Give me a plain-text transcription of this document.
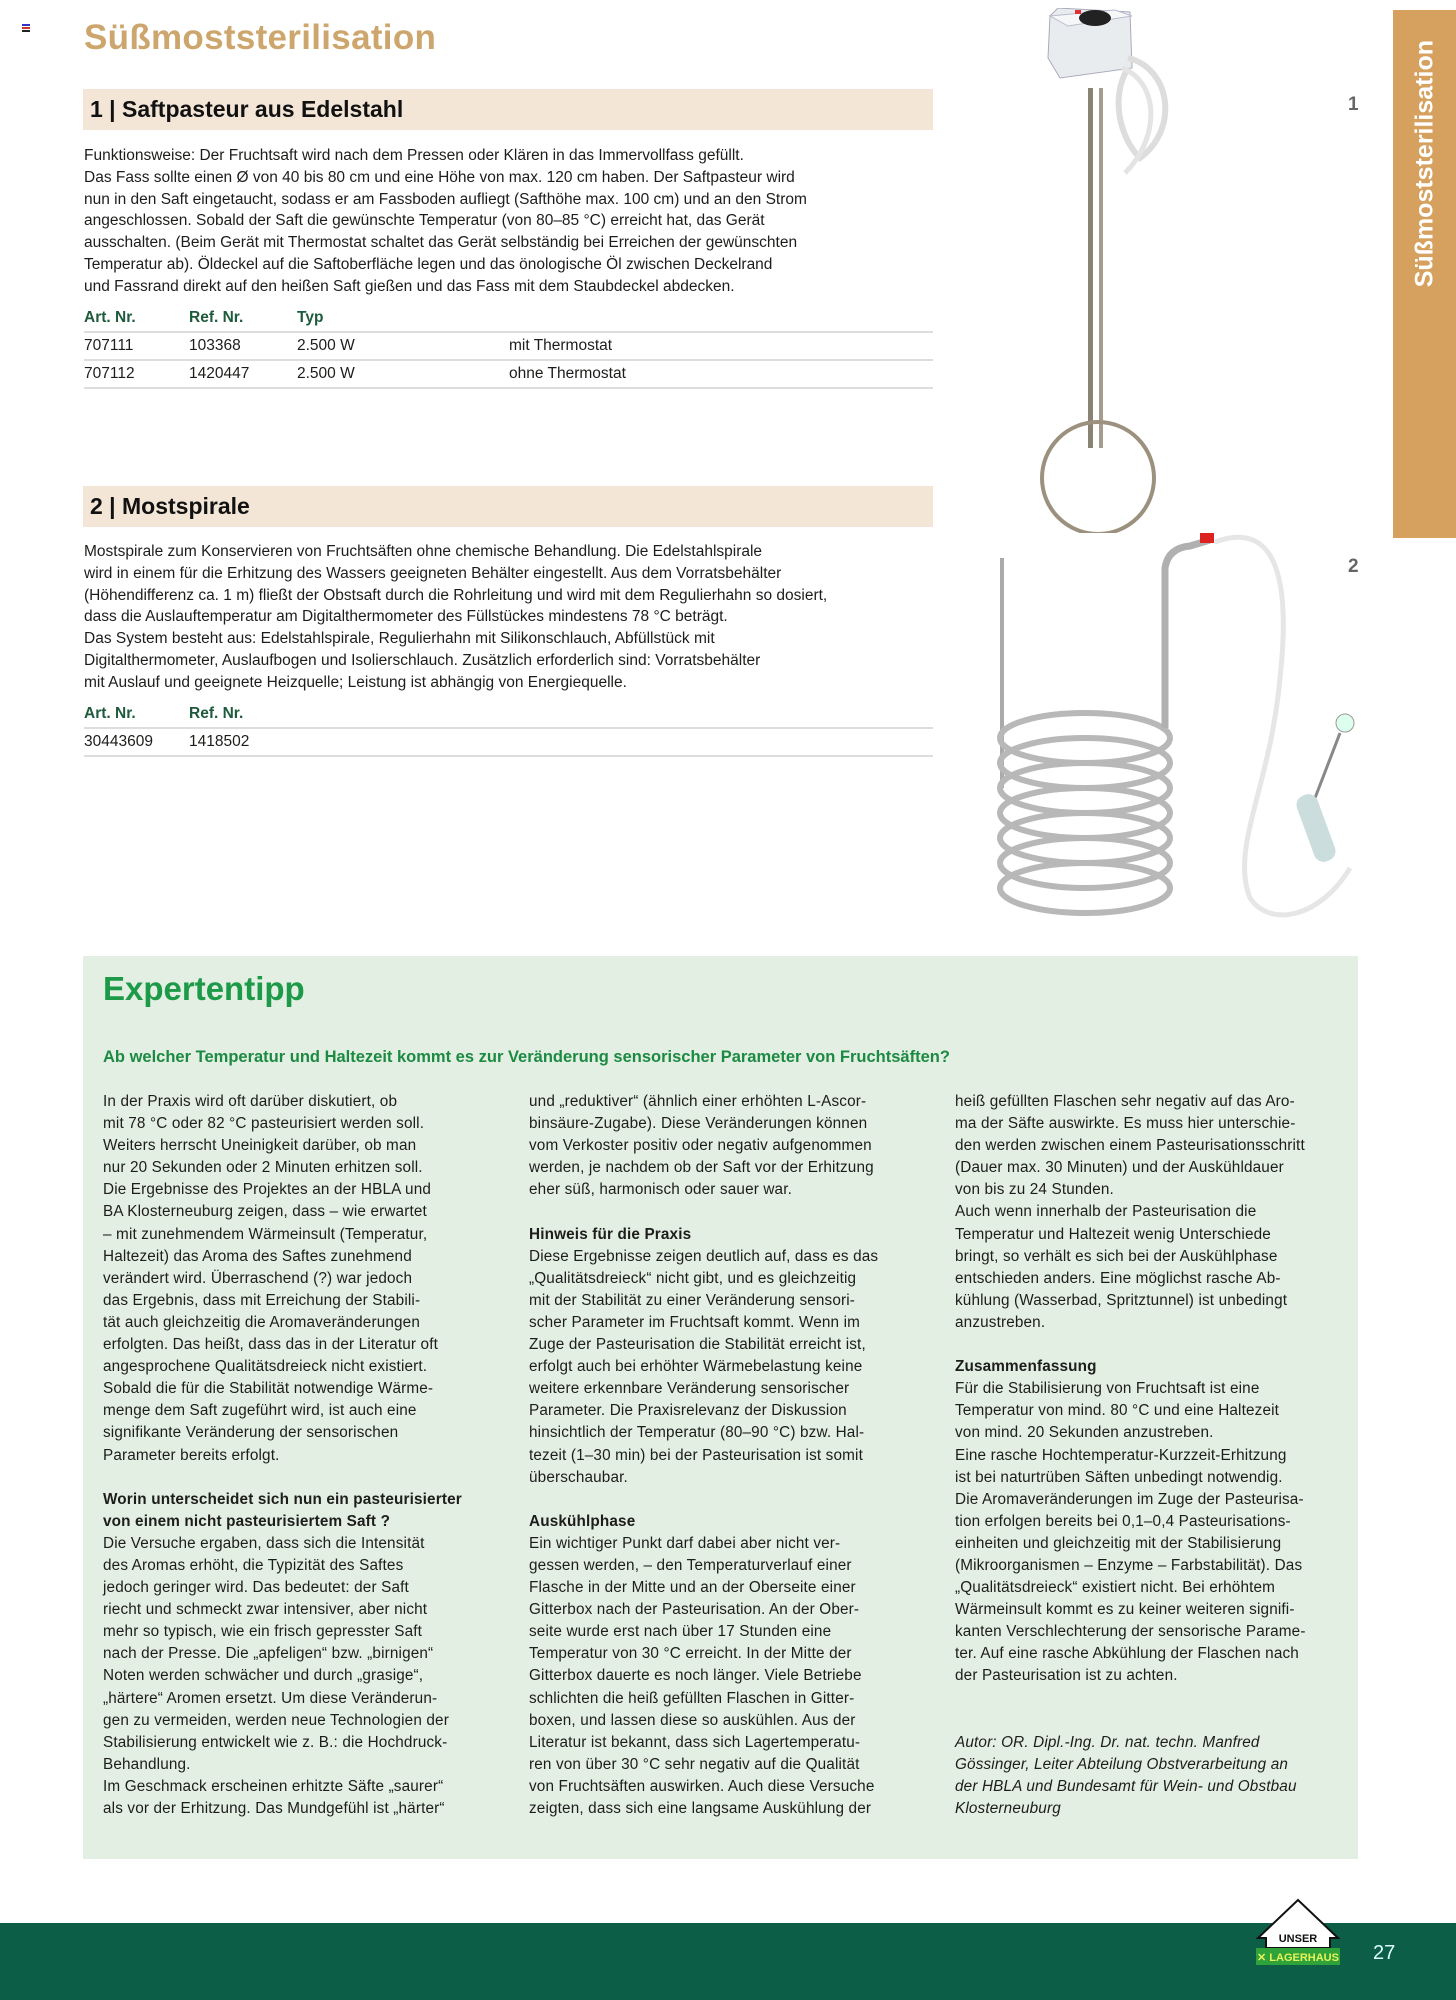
Süßmoststerilisation
Süßmoststerilisation
1 | Saftpasteur aus Edelstahl
Funktionsweise: Der Fruchtsaft wird nach dem Pressen oder Klären in das Immervollfass gefüllt.
Das Fass sollte einen Ø von 40 bis 80 cm und eine Höhe von max. 120 cm haben. Der Saftpasteur wird
nun in den Saft eingetaucht, sodass er am Fassboden aufliegt (Safthöhe max. 100 cm) und an den Strom
angeschlossen. Sobald der Saft die gewünschte Temperatur (von 80–85 °C) erreicht hat, das Gerät
ausschalten. (Beim Gerät mit Thermostat schaltet das Gerät selbständig bei Erreichen der gewünschten
Temperatur ab). Öldeckel auf die Saftoberfläche legen und das önologische Öl zwischen Deckelrand
und Fassrand direkt auf den heißen Saft gießen und das Fass mit dem Staubdeckel abdecken.
Art. Nr.	Ref. Nr.	Typ
707111	103368	2.500 W	mit Thermostat
707112	1420447	2.500 W	ohne Thermostat
1
2 | Mostspirale
Mostspirale zum Konservieren von Fruchtsäften ohne chemische Behandlung. Die Edelstahlspirale
wird in einem für die Erhitzung des Wassers geeigneten Behälter eingestellt. Aus dem Vorratsbehälter
(Höhendifferenz ca. 1 m) fließt der Obstsaft durch die Rohrleitung und wird mit dem Regulierhahn so dosiert,
dass die Auslauftemperatur am Digitalthermometer des Füllstückes mindestens 78 °C beträgt.
Das System besteht aus: Edelstahlspirale, Regulierhahn mit Silikonschlauch, Abfüllstück mit
Digitalthermometer, Auslaufbogen und Isolierschlauch. Zusätzlich erforderlich sind: Vorratsbehälter
mit Auslauf und geeignete Heizquelle; Leistung ist abhängig von Energiequelle.
Art. Nr.	Ref. Nr.
30443609 1418502
2
Expertentipp
Ab welcher Temperatur und Haltezeit kommt es zur Veränderung sensorischer Parameter von Fruchtsäften?
In der Praxis wird oft darüber diskutiert, ob
mit 78 °C oder 82 °C pasteurisiert werden soll.
Weiters herrscht Uneinigkeit darüber, ob man
nur 20 Sekunden oder 2 Minuten erhitzen soll.
Die Ergebnisse des Projektes an der HBLA und
BA Klosterneuburg zeigen, dass – wie erwartet
– mit zunehmendem Wärmeinsult (Temperatur,
Haltezeit) das Aroma des Saftes zunehmend
verändert wird. Überraschend (?) war jedoch
das Ergebnis, dass mit Erreichung der Stabili-
tät auch gleichzeitig die Aromaveränderungen
erfolgten. Das heißt, dass das in der Literatur oft
angesprochene Qualitätsdreieck nicht existiert.
Sobald die für die Stabilität notwendige Wärme-
menge dem Saft zugeführt wird, ist auch eine
signifikante Veränderung der sensorischen
Parameter bereits erfolgt.
Worin unterscheidet sich nun ein pasteurisierter
von einem nicht pasteurisiertem Saft ?
Die Versuche ergaben, dass sich die Intensität
des Aromas erhöht, die Typizität des Saftes
jedoch geringer wird. Das bedeutet: der Saft
riecht und schmeckt zwar intensiver, aber nicht
mehr so typisch, wie ein frisch gepresster Saft
nach der Presse. Die „apfeligen“ bzw. „birnigen“
Noten werden schwächer und durch „grasige“,
„härtere“ Aromen ersetzt. Um diese Veränderun-
gen zu vermeiden, werden neue Technologien der
Stabilisierung entwickelt wie z. B.: die Hochdruck-
Behandlung.
Im Geschmack erscheinen erhitzte Säfte „saurer“
als vor der Erhitzung. Das Mundgefühl ist „härter“
und „reduktiver“ (ähnlich einer erhöhten L-Ascor-
binsäure-Zugabe). Diese Veränderungen können
vom Verkoster positiv oder negativ aufgenommen
werden, je nachdem ob der Saft vor der Erhitzung
eher süß, harmonisch oder sauer war.
Hinweis für die Praxis
Diese Ergebnisse zeigen deutlich auf, dass es das
„Qualitätsdreieck“ nicht gibt, und es gleichzeitig
mit der Stabilität zu einer Veränderung sensori-
scher Parameter im Fruchtsaft kommt. Wenn im
Zuge der Pasteurisation die Stabilität erreicht ist,
erfolgt auch bei erhöhter Wärmebelastung keine
weitere erkennbare Veränderung sensorischer
Parameter. Die Praxisrelevanz der Diskussion
hinsichtlich der Temperatur (80–90 °C) bzw. Hal-
tezeit (1–30 min) bei der Pasteurisation ist somit
überschaubar.
Auskühlphase
Ein wichtiger Punkt darf dabei aber nicht ver-
gessen werden, – den Temperaturverlauf einer
Flasche in der Mitte und an der Oberseite einer
Gitterbox nach der Pasteurisation. An der Ober-
seite wurde erst nach über 17 Stunden eine
Temperatur von 30 °C erreicht. In der Mitte der
Gitterbox dauerte es noch länger. Viele Betriebe
schlichten die heiß gefüllten Flaschen in Gitter-
boxen, und lassen diese so auskühlen. Aus der
Literatur ist bekannt, dass sich Lagertemperatu-
ren von über 30 °C sehr negativ auf die Qualität
von Fruchtsäften auswirken. Auch diese Versuche
zeigten, dass sich eine langsame Auskühlung der
heiß gefüllten Flaschen sehr negativ auf das Aro-
ma der Säfte auswirkte. Es muss hier unterschie-
den werden zwischen einem Pasteurisationsschritt
(Dauer max. 30 Minuten) und der Auskühldauer
von bis zu 24 Stunden.
Auch wenn innerhalb der Pasteurisation die
Temperatur und Haltezeit wenig Unterschiede
bringt, so verhält es sich bei der Auskühlphase
entschieden anders. Eine möglichst rasche Ab-
kühlung (Wasserbad, Spritztunnel) ist unbedingt
anzustreben.
Zusammenfassung
Für die Stabilisierung von Fruchtsaft ist eine
Temperatur von mind. 80 °C und eine Haltezeit
von mind. 20 Sekunden anzustreben.
Eine rasche Hochtemperatur-Kurzzeit-Erhitzung
ist bei naturtrüben Säften unbedingt notwendig.
Die Aromaveränderungen im Zuge der Pasteurisa-
tion erfolgen bereits bei 0,1–0,4 Pasteurisations-
einheiten und gleichzeitig mit der Stabilisierung
(Mikroorganismen – Enzyme – Farbstabilität). Das
„Qualitätsdreieck“ existiert nicht. Bei erhöhtem
Wärmeinsult kommt es zu keiner weiteren signifi-
kanten Verschlechterung der sensorische Parame-
ter. Auf eine rasche Abkühlung der Flaschen nach
der Pasteurisation ist zu achten.
Autor: OR. Dipl.-Ing. Dr. nat. techn. Manfred
Gössinger, Leiter Abteilung Obstverarbeitung an
der HBLA und Bundesamt für Wein- und Obstbau
Klosterneuburg
UNSER
✕ LAGERHAUS 27
